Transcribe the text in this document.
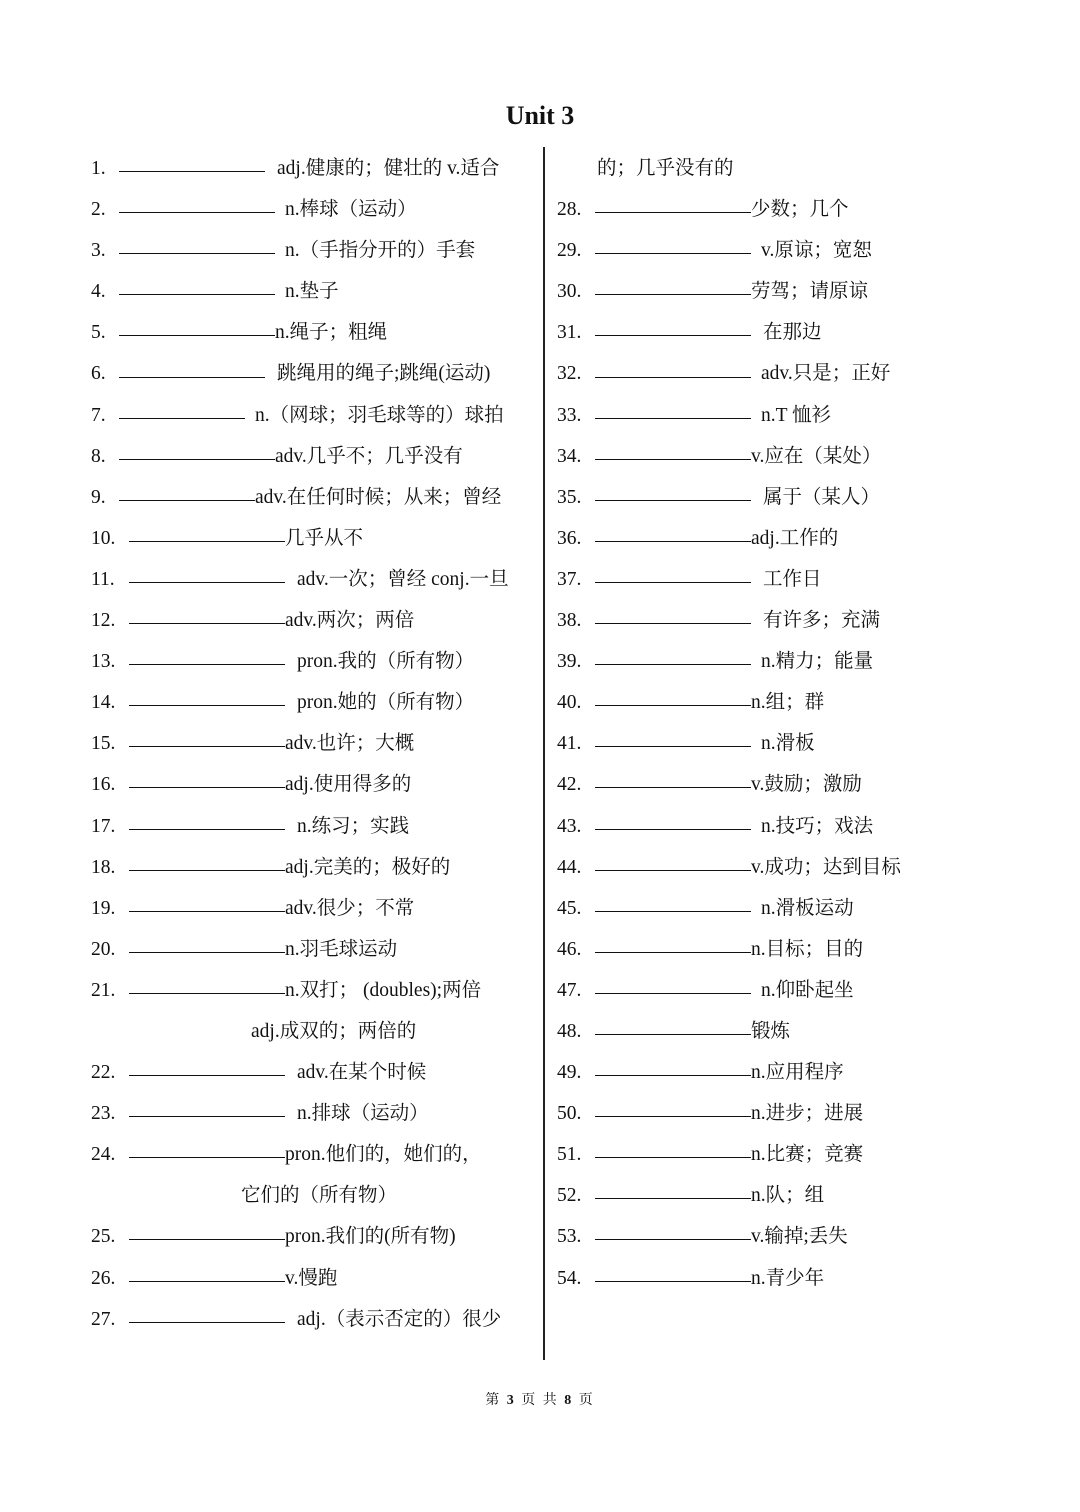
Unit 3
1.	adj.健康的；健壮的 v.适合
2.	n.棒球（运动）
3.	n.（手指分开的）手套
4.	n.垫子
5.	n.绳子；粗绳
6.	跳绳用的绳子;跳绳(运动)
7.	n.（网球；羽毛球等的）球拍
8.	adv.几乎不；几乎没有
9.	adv.在任何时候；从来；曾经
10.	几乎从不
11.	adv.一次；曾经 conj.一旦
12.	adv.两次；两倍
13.	pron.我的（所有物）
14.	pron.她的（所有物）
15.	adv.也许；大概
16.	adj.使用得多的
17.	n.练习；实践
18.	adj.完美的；极好的
19.	adv.很少；不常
20.	n.羽毛球运动
21.	n.双打； (doubles);两倍
adj.成双的；两倍的
22.	adv.在某个时候
23.	n.排球（运动）
24.	pron.他们的，她们的，
它们的（所有物）
25.	pron.我们的(所有物)
26.	v.慢跑
27.	adj.（表示否定的）很少
的；几乎没有的
28.	少数；几个
29.	v.原谅；宽恕
30.	劳驾；请原谅
31.	在那边
32.	adv.只是；正好
33.	n.T 恤衫
34.	v.应在（某处）
35.	属于（某人）
36.	adj.工作的
37.	工作日
38.	有许多；充满
39.	n.精力；能量
40.	n.组；群
41.	n.滑板
42.	v.鼓励；激励
43.	n.技巧；戏法
44.	v.成功；达到目标
45.	n.滑板运动
46.	n.目标；目的
47.	n.仰卧起坐
48.	锻炼
49.	n.应用程序
50.	n.进步；进展
51.	n.比赛；竞赛
52.	n.队；组
53.	v.输掉;丢失
54.	n.青少年
第 3 页 共 8 页
